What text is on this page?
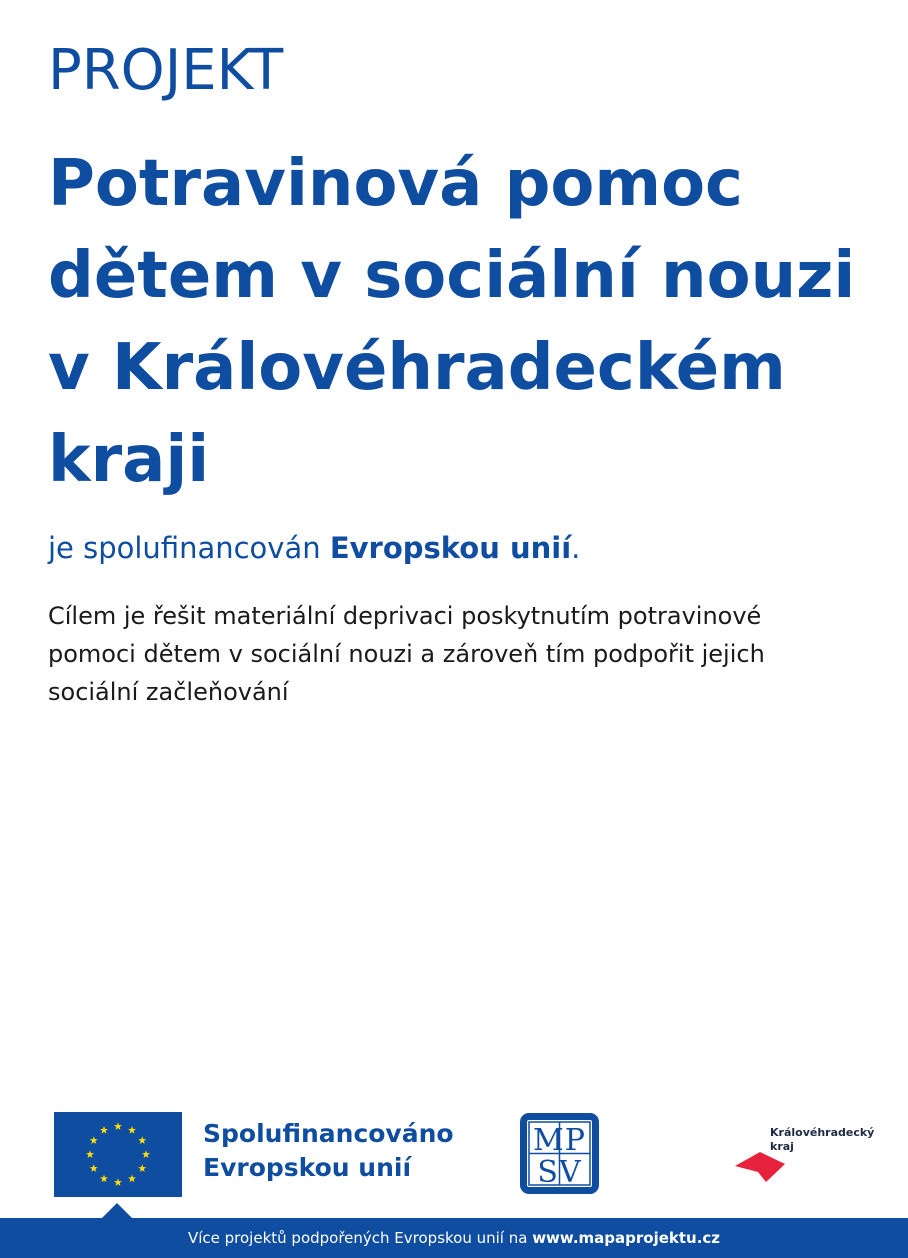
PROJEKT
Potravinová pomoc dětem v sociální nouzi v Královéhradeckém kraji
je spolufinancován Evropskou unií.

Cílem je řešit materiální deprivaci poskytnutím potravinové pomoci dětem v sociální nouzi a zároveň tím podpořit jejich sociální začleňování

Spolufinancováno
Evropskou unií
MP
SV
Královéhradecký
kraj
Více projektů podpořených Evropskou unií na www.mapaprojektu.cz
